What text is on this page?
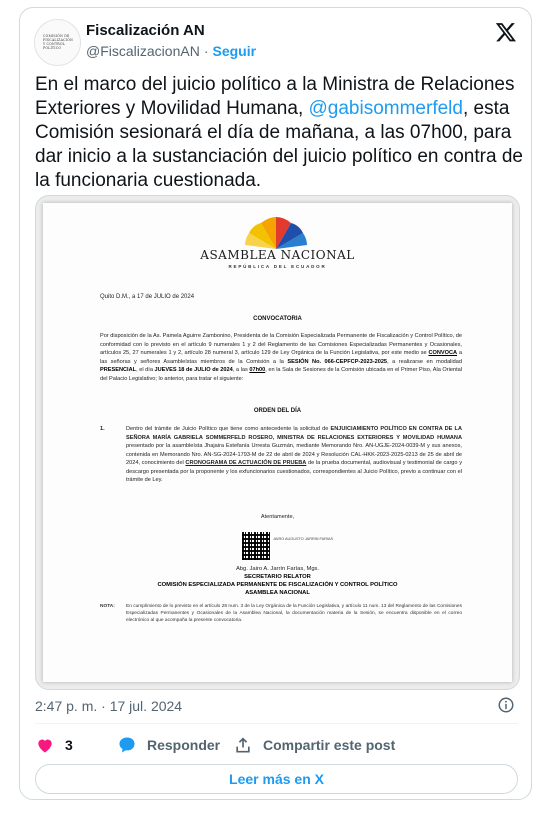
COMISIÓN DE FISCALIZACIÓN Y CONTROL POLÍTICO
Fiscalización AN
@FiscalizacionAN · Seguir
En el marco del juicio político a la Ministra de Relaciones Exteriores y Movilidad Humana, @gabisommerfeld, esta Comisión sesionará el día de mañana, a las 07h00, para dar inicio a la sustanciación del juicio político en contra de la funcionaria cuestionada.
ASAMBLEA NACIONAL
REPÚBLICA DEL ECUADOR
Quito D.M., a 17 de JULIO de 2024
CONVOCATORIA
Por disposición de la As. Pamela Aguirre Zambonino, Presidenta de la Comisión Especializada Permanente de Fiscalización y Control Político, de conformidad con lo previsto en el artículo 9 numerales 1 y 2 del Reglamento de las Comisiones Especializadas Permanentes y Ocasionales, artículos 25, 27 numerales 1 y 2, artículo 28 numeral 3, artículo 129 de Ley Orgánica de la Función Legislativa, por este medio se CONVOCA a las señoras y señores Asambleístas miembros de la Comisión a la SESIÓN No. 066-CEPFCP-2023-2025, a realizarse en modalidad PRESENCIAL, el día JUEVES 18 de JULIO de 2024, a las 07h00, en la Sala de Sesiones de la Comisión ubicada en el Primer Piso, Ala Oriental del Palacio Legislativo; lo anterior, para tratar el siguiente:
ORDEN DEL DÍA
1.	Dentro del trámite de Juicio Político que tiene como antecedente la solicitud de ENJUICIAMIENTO POLÍTICO EN CONTRA DE LA SEÑORA MARÍA GABRIELA SOMMERFELD ROSERO, MINISTRA DE RELACIONES EXTERIORES Y MOVILIDAD HUMANA presentado por la asambleísta Jhajaira Estefanía Urresta Guzmán, mediante Memorando Nro. AN-UGJE-2024-0039-M y sus anexos, contenida en Memorando Nro. AN-SG-2024-1793-M de 22 de abril de 2024 y Resolución CAL-HKK-2023-2025-0213 de 25 de abril de 2024, conocimiento del CRONOGRAMA DE ACTUACIÓN DE PRUEBA de la prueba documental, audiovisual y testimonial de cargo y descargo presentada por la proponente y los exfuncionarios cuestionados, correspondientes al Juicio Político, previo a continuar con el trámite de Ley.
Atentamente,
JAIRO AUGUSTO JARRIN FARIAS
Abg. Jairo A. Jarrín Farías, Mgs.
SECRETARIO RELATOR
COMISIÓN ESPECIALIZADA PERMANENTE DE FISCALIZACIÓN Y CONTROL POLÍTICO
ASAMBLEA NACIONAL
NOTA: En cumplimiento de lo previsto en el artículo 28 num. 3 de la Ley Orgánica de la Función Legislativa, y artículo 11 num. 13 del Reglamento de las Comisiones Especializadas Permanentes y Ocasionales de la Asamblea Nacional, la documentación materia de la Sesión, se encuentra disponible en el correo electrónico al que acompaña la presente convocatoria.
2:47 p. m. · 17 jul. 2024
3	Responder	Compartir este post
Leer más en X
